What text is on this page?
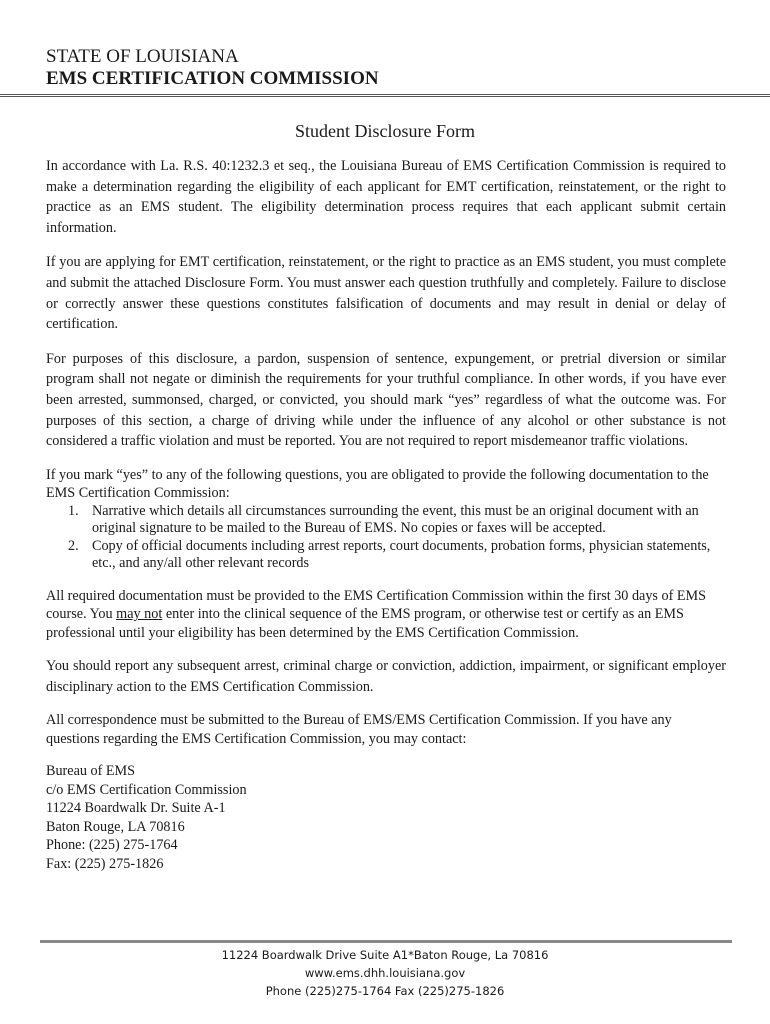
STATE OF LOUISIANA
EMS CERTIFICATION COMMISSION
Student Disclosure Form

In accordance with La. R.S. 40:1232.3 et seq., the Louisiana Bureau of EMS Certification Commission is required to make a determination regarding the eligibility of each applicant for EMT certification, reinstatement, or the right to practice as an EMS student. The eligibility determination process requires that each applicant submit certain information.

If you are applying for EMT certification, reinstatement, or the right to practice as an EMS student, you must complete and submit the attached Disclosure Form. You must answer each question truthfully and completely. Failure to disclose or correctly answer these questions constitutes falsification of documents and may result in denial or delay of certification.

For purposes of this disclosure, a pardon, suspension of sentence, expungement, or pretrial diversion or similar program shall not negate or diminish the requirements for your truthful compliance. In other words, if you have ever been arrested, summonsed, charged, or convicted, you should mark “yes” regardless of what the outcome was. For purposes of this section, a charge of driving while under the influence of any alcohol or other substance is not considered a traffic violation and must be reported. You are not required to report misdemeanor traffic violations.

If you mark “yes” to any of the following questions, you are obligated to provide the following documentation to the EMS Certification Commission:

1. Narrative which details all circumstances surrounding the event, this must be an original document with an original signature to be mailed to the Bureau of EMS. No copies or faxes will be accepted.
2. Copy of official documents including arrest reports, court documents, probation forms, physician statements, etc., and any/all other relevant records

All required documentation must be provided to the EMS Certification Commission within the first 30 days of EMS course. You may not enter into the clinical sequence of the EMS program, or otherwise test or certify as an EMS professional until your eligibility has been determined by the EMS Certification Commission.

You should report any subsequent arrest, criminal charge or conviction, addiction, impairment, or significant employer disciplinary action to the EMS Certification Commission.

All correspondence must be submitted to the Bureau of EMS/EMS Certification Commission. If you have any questions regarding the EMS Certification Commission, you may contact:

Bureau of EMS
c/o EMS Certification Commission
11224 Boardwalk Dr. Suite A-1
Baton Rouge, LA 70816
Phone: (225) 275-1764
Fax: (225) 275-1826
11224 Boardwalk Drive Suite A1*Baton Rouge, La 70816
www.ems.dhh.louisiana.gov
Phone (225)275-1764 Fax (225)275-1826
